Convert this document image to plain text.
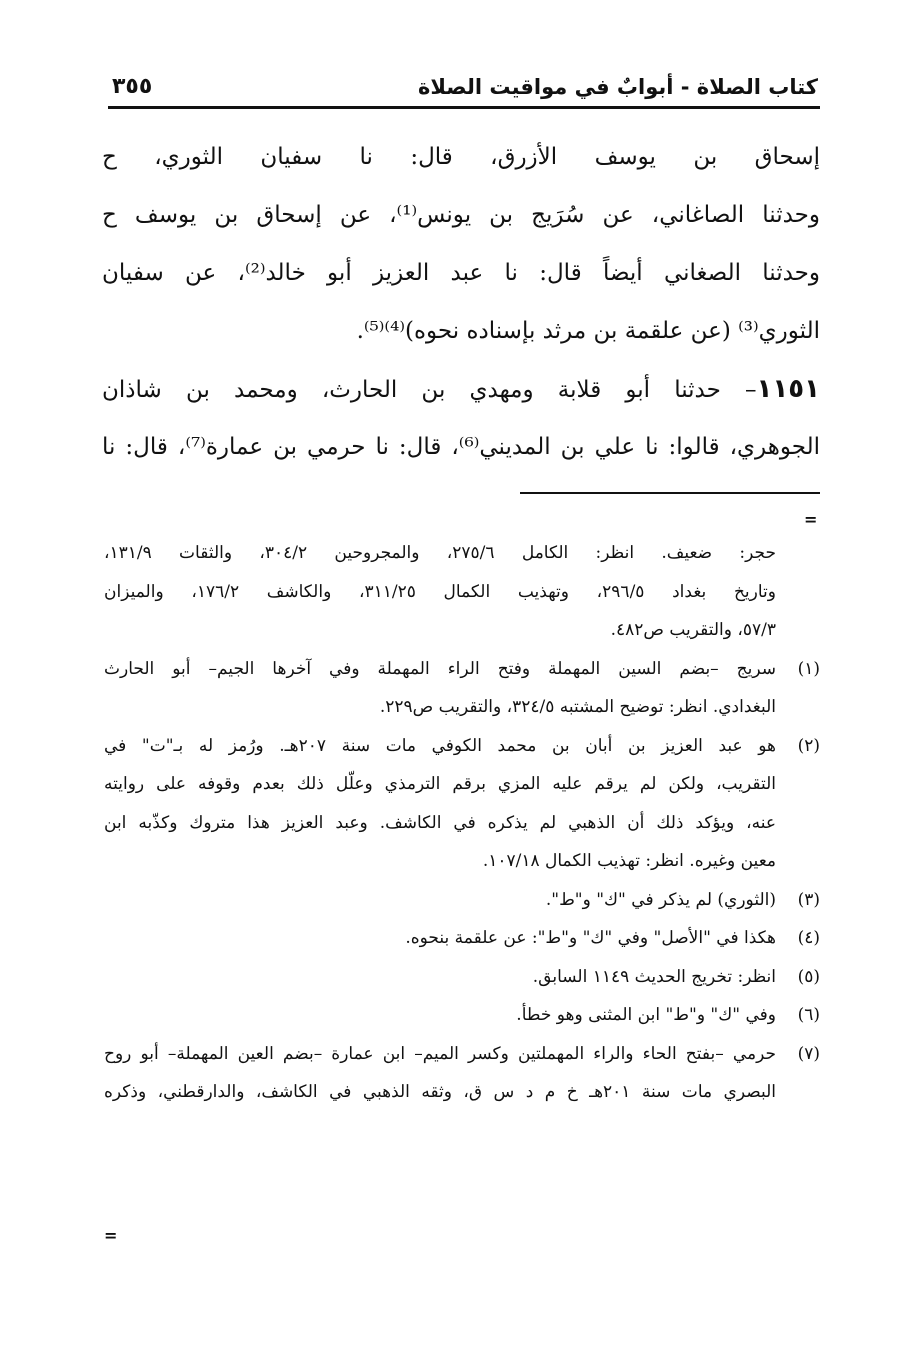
كتاب الصلاة - أبوابٌ في مواقيت الصلاة
٣٥٥
إسحاق بن يوسف الأزرق، قال: نا سفيان الثوري، ح
وحدثنا الصاغاني، عن سُرَيج بن يونس⁽¹⁾، عن إسحاق بن يوسف ح
وحدثنا الصغاني أيضاً قال: نا عبد العزيز أبو خالد⁽²⁾، عن سفيان
الثوري⁽³⁾ (عن علقمة بن مرثد بإسناده نحوه)⁽⁴⁾⁽⁵⁾.
١١٥١– حدثنا أبو قلابة ومهدي بن الحارث، ومحمد بن شاذان
الجوهري، قالوا: نا علي بن المديني⁽⁶⁾، قال: نا حرمي بن عمارة⁽⁷⁾، قال: نا
=
حجر: ضعيف. انظر: الكامل ٢٧٥/٦، والمجروحين ٣٠٤/٢، والثقات ١٣١/٩،
وتاريخ بغداد ٢٩٦/٥، وتهذيب الكمال ٣١١/٢٥، والكاشف ١٧٦/٢، والميزان
٥٧/٣، والتقريب ص٤٨٢.
(١)
سريج –بضم السين المهملة وفتح الراء المهملة وفي آخرها الجيم– أبو الحارث
البغدادي. انظر: توضيح المشتبه ٣٢٤/٥، والتقريب ص٢٢٩.
(٢)
هو عبد العزيز بن أبان بن محمد الكوفي مات سنة ٢٠٧هـ. ورُمز له بـ"ت" في
التقريب، ولكن لم يرقم عليه المزي برقم الترمذي وعلّل ذلك بعدم وقوفه على روايته
عنه، ويؤكد ذلك أن الذهبي لم يذكره في الكاشف. وعبد العزيز هذا متروك وكذّبه ابن
معين وغيره. انظر: تهذيب الكمال ١٠٧/١٨.
(٣)
(الثوري) لم يذكر في "ك" و"ط".
(٤)
هكذا في "الأصل" وفي "ك" و"ط": عن علقمة بنحوه.
(٥)
انظر: تخريج الحديث ١١٤٩ السابق.
(٦)
وفي "ك" و"ط" ابن المثنى وهو خطأ.
(٧)
حرمي –بفتح الحاء والراء المهملتين وكسر الميم– ابن عمارة –بضم العين المهملة– أبو روح
البصري مات سنة ٢٠١هـ خ م د س ق، وثقه الذهبي في الكاشف، والدارقطني، وذكره
=
